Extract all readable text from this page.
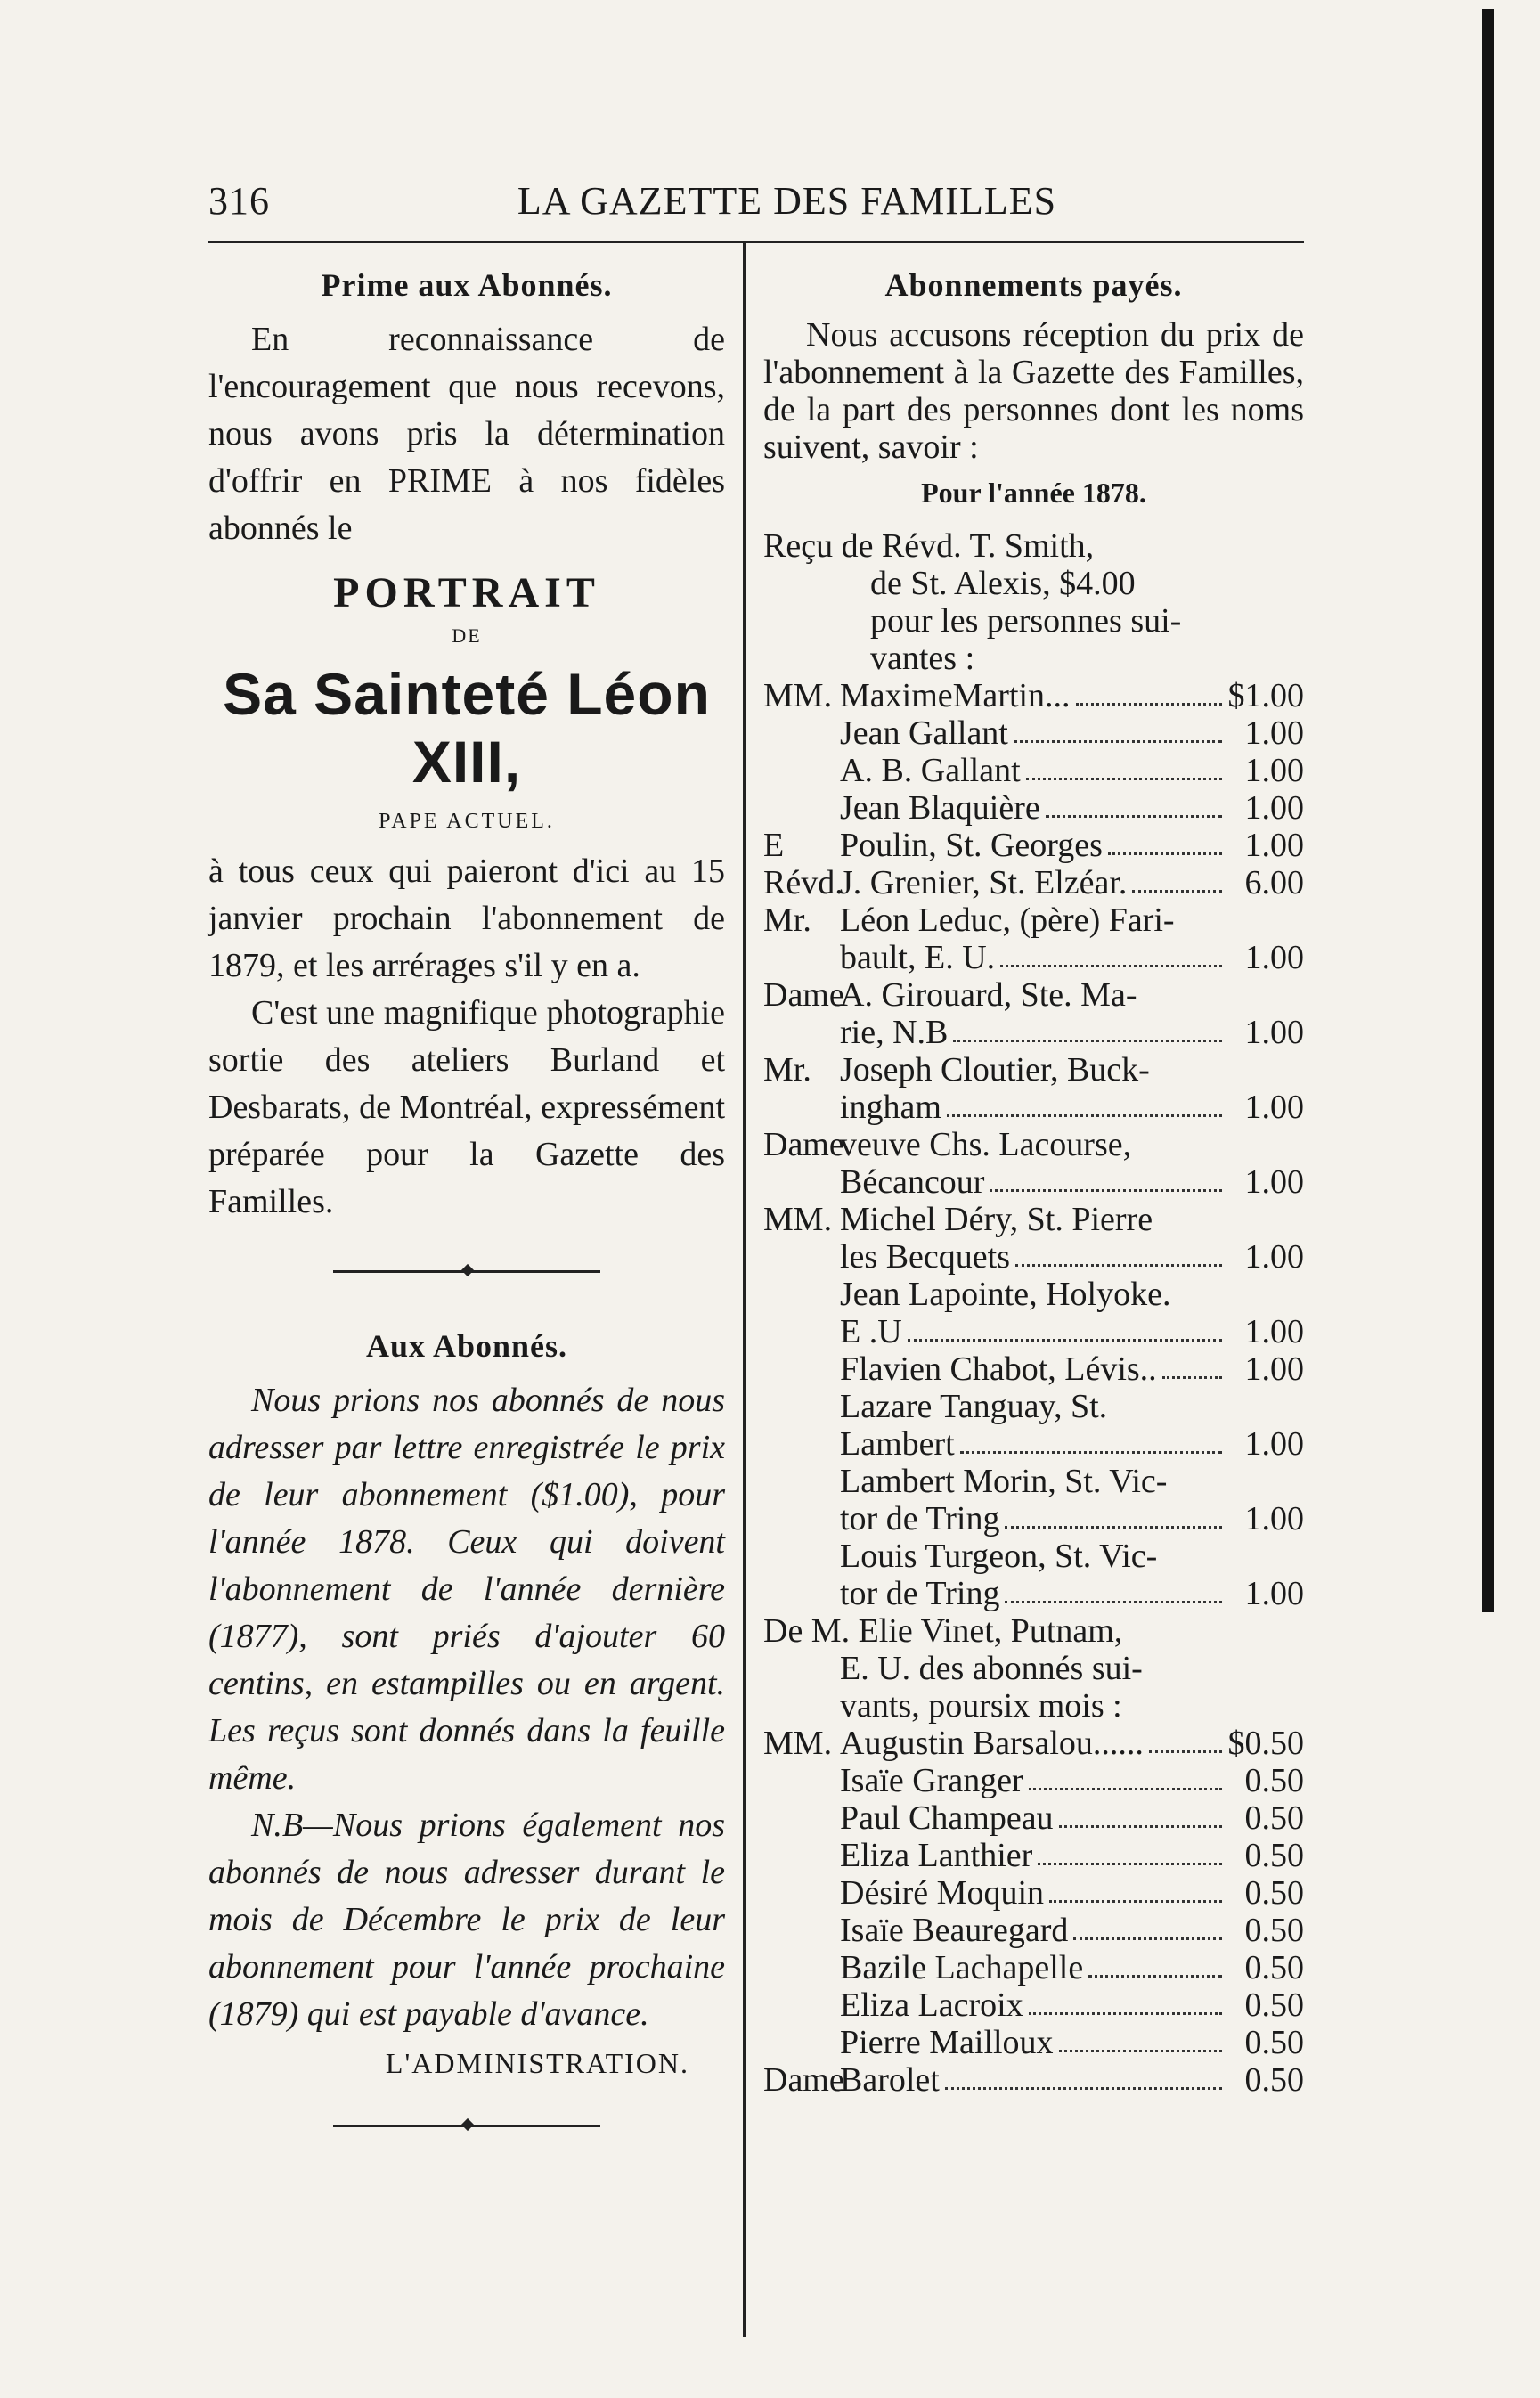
316	LA GAZETTE DES FAMILLES
Prime aux Abonnés.

En reconnaissance de l'encouragement que nous recevons, nous avons pris la détermination d'offrir en PRIME à nos fidèles abonnés le

PORTRAIT
DE
Sa Sainteté Léon XIII,
PAPE ACTUEL.

à tous ceux qui paieront d'ici au 15 janvier prochain l'abonnement de 1879, et les arrérages s'il y en a.

C'est une magnifique photographie sortie des ateliers Burland et Desbarats, de Montréal, expressément préparée pour la Gazette des Familles.

Aux Abonnés.

Nous prions nos abonnés de nous adresser par lettre enregistrée le prix de leur abonnement ($1.00), pour l'année 1878. Ceux qui doivent l'abonnement de l'année dernière (1877), sont priés d'ajouter 60 centins, en estampilles ou en argent. Les reçus sont donnés dans la feuille même.

N.B—Nous prions également nos abonnés de nous adresser durant le mois de Décembre le prix de leur abonnement pour l'année prochaine (1879) qui est payable d'avance.

L'ADMINISTRATION.
Abonnements payés.

Nous accusons réception du prix de l'abonnement à la Gazette des Familles, de la part des personnes dont les noms suivent, savoir :

Pour l'année 1878.
Reçu de Révd. T. Smith,
de St. Alexis, $4.00
pour les personnes sui-
vantes :
MM. MaximeMartin...	$1.00
Jean Gallant	1.00
A. B. Gallant	1.00
Jean Blaquière	1.00
E	Poulin, St. Georges	1.00
Révd.
J. Grenier, St. Elzéar.	6.00
Mr. Léon Leduc, (père) Fari-
bault, E. U.	1.00
Dame
A. Girouard, Ste. Ma-
rie, N.B	1.00
Mr. Joseph Cloutier, Buck-
ingham	1.00
Dame
veuve Chs. Lacourse,
Bécancour	1.00
MM. Michel Déry, St. Pierre
les Becquets	1.00
Jean Lapointe, Holyoke.
E .U	1.00
Flavien Chabot, Lévis..	1.00
Lazare Tanguay, St.
Lambert	1.00
Lambert Morin, St. Vic-
tor de Tring	1.00
Louis Turgeon, St. Vic-
tor de Tring	1.00
De M. Elie Vinet, Putnam,
E. U. des abonnés sui-
vants, poursix mois :
MM. Augustin Barsalou...... $0.50
Isaïe Granger	0.50
Paul Champeau	0.50
Eliza Lanthier	0.50
Désiré Moquin	0.50
Isaïe Beauregard	0.50
Bazile Lachapelle	0.50
Eliza Lacroix	0.50
Pierre Mailloux	0.50
Dame
Barolet	0.50
